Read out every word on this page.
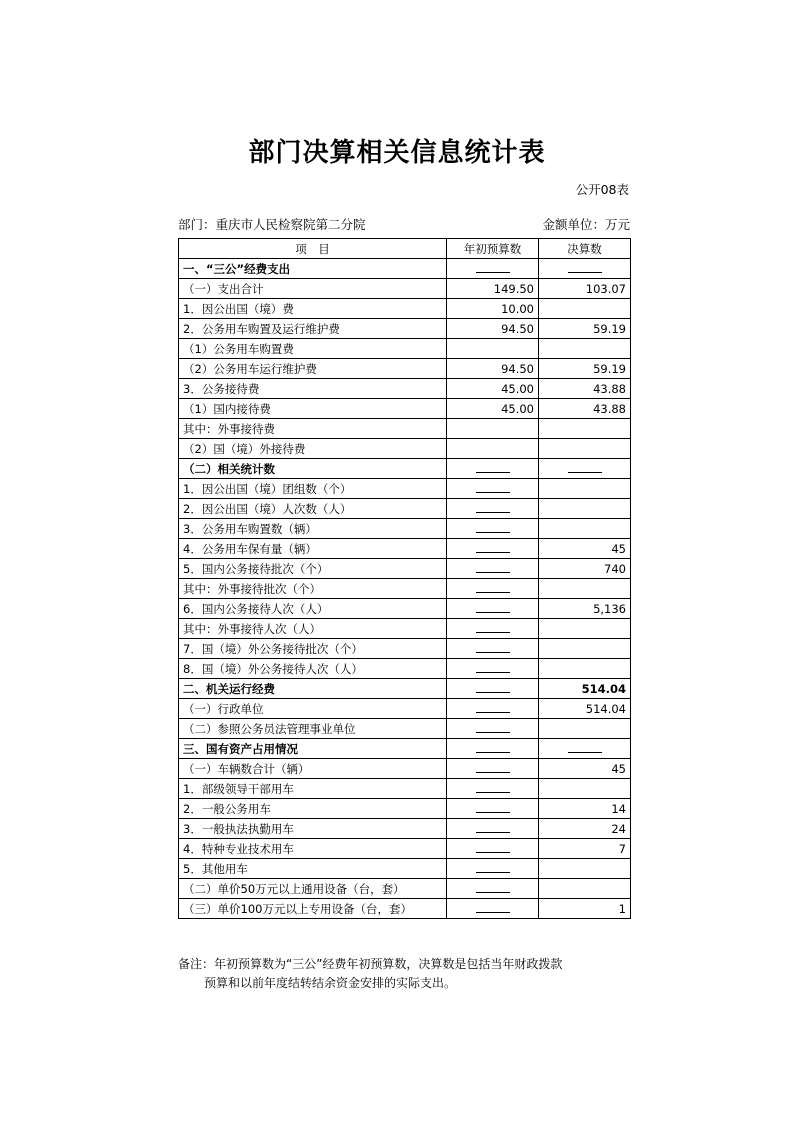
部门决算相关信息统计表
公开08表
部门：重庆市人民检察院第二分院	金额单位：万元
项　目	年初预算数	决算数
一、“三公”经费支出		
（一）支出合计	149.50	103.07
1．因公出国（境）费	10.00	
2．公务用车购置及运行维护费	94.50	59.19
（1）公务用车购置费		
（2）公务用车运行维护费	94.50	59.19
3．公务接待费	45.00	43.88
（1）国内接待费	45.00	43.88
其中：外事接待费		
（2）国（境）外接待费		
（二）相关统计数		
1．因公出国（境）团组数（个）		
2．因公出国（境）人次数（人）		
3．公务用车购置数（辆）		
4．公务用车保有量（辆）		45
5．国内公务接待批次（个）		740
其中：外事接待批次（个）		
6．国内公务接待人次（人）		5,136
其中：外事接待人次（人）		
7．国（境）外公务接待批次（个）		
8．国（境）外公务接待人次（人）		
二、机关运行经费		514.04
（一）行政单位		514.04
（二）参照公务员法管理事业单位		
三、国有资产占用情况		
（一）车辆数合计（辆）		45
1．部级领导干部用车		
2．一般公务用车		14
3．一般执法执勤用车		24
4．特种专业技术用车		7
5．其他用车		
（二）单价50万元以上通用设备（台，套）		
（三）单价100万元以上专用设备（台，套）		1
备注：年初预算数为“三公”经费年初预算数，决算数是包括当年财政拨款
预算和以前年度结转结余资金安排的实际支出。
